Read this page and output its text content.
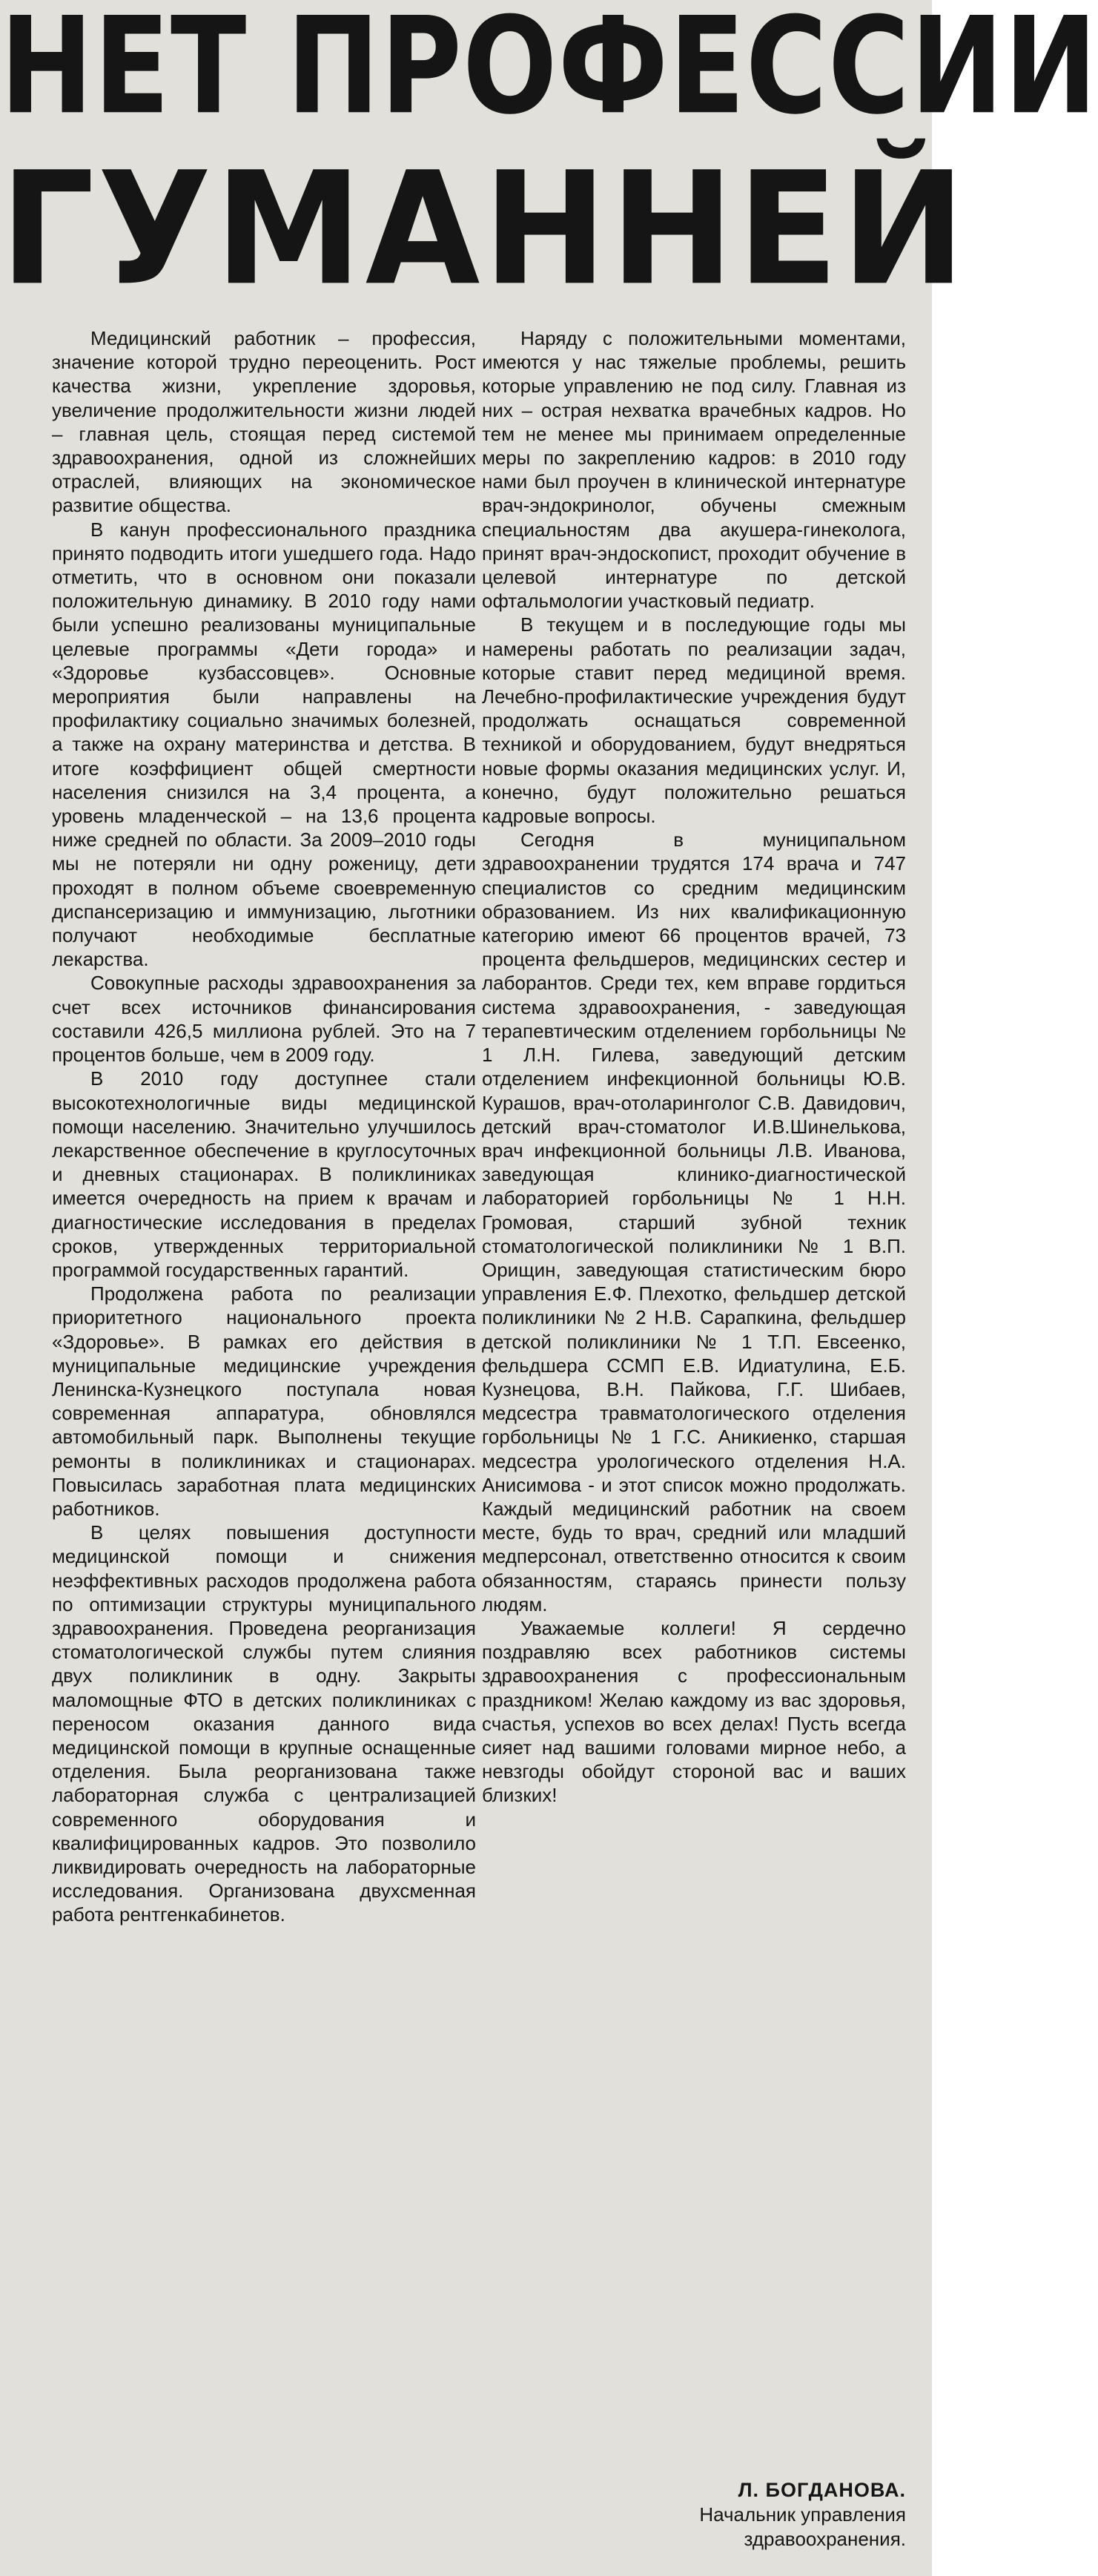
НЕТ ПРОФЕССИИ
ГУМАННЕЙ

Медицинский работник – профессия, значение которой трудно переоценить. Рост качества жизни, укрепление здоровья, увеличение продолжительности жизни людей – главная цель, стоящая перед системой здравоохранения, одной из сложнейших отраслей, влияющих на экономическое развитие общества.

В канун профессионального праздника принято подводить итоги ушедшего года. Надо отметить, что в основном они показали положительную динамику. В 2010 году нами были успешно реализованы муниципальные целевые программы «Дети города» и «Здоровье кузбассовцев». Основные мероприятия были направлены на профилактику социально значимых болезней, а также на охрану материнства и детства. В итоге коэффициент общей смертности населения снизился на 3,4 процента, а уровень младенческой – на 13,6 процента ниже средней по области. За 2009–2010 годы мы не потеряли ни одну роженицу, дети проходят в полном объеме своевременную диспансеризацию и иммунизацию, льготники получают необходимые бесплатные лекарства.

Совокупные расходы здравоохранения за счет всех источников финансирования составили 426,5 миллиона рублей. Это на 7 процентов больше, чем в 2009 году.

В 2010 году доступнее стали высокотехнологичные виды медицинской помощи населению. Значительно улучшилось лекарственное обеспечение в круглосуточных и дневных стационарах. В поликлиниках имеется очередность на прием к врачам и диагностические исследования в пределах сроков, утвержденных территориальной программой государственных гарантий.

Продолжена работа по реализации приоритетного национального проекта «Здоровье». В рамках его действия в муниципальные медицинские учреждения Ленинска-Кузнецкого поступала новая современная аппаратура, обновлялся автомобильный парк. Выполнены текущие ремонты в поликлиниках и стационарах. Повысилась заработная плата медицинских работников.

В целях повышения доступности медицинской помощи и снижения неэффективных расходов продолжена работа по оптимизации структуры муниципального здравоохранения. Проведена реорганизация стоматологической службы путем слияния двух поликлиник в одну. Закрыты маломощные ФТО в детских поликлиниках с переносом оказания данного вида медицинской помощи в крупные оснащенные отделения. Была реорганизована также лабораторная служба с централизацией современного оборудования и квалифицированных кадров. Это позволило ликвидировать очередность на лабораторные исследования. Организована двухсменная работа рентгенкабинетов.

Наряду с положительными моментами, имеются у нас тяжелые проблемы, решить которые управлению не под силу. Главная из них – острая нехватка врачебных кадров. Но тем не менее мы принимаем определенные меры по закреплению кадров: в 2010 году нами был проучен в клинической интернатуре врач-эндокринолог, обучены смежным специальностям два акушера-гинеколога, принят врач-эндоскопист, проходит обучение в целевой интернатуре по детской офтальмологии участковый педиатр.

В текущем и в последующие годы мы намерены работать по реализации задач, которые ставит перед медициной время. Лечебно-профилактические учреждения будут продолжать оснащаться современной техникой и оборудованием, будут внедряться новые формы оказания медицинских услуг. И, конечно, будут положительно решаться кадровые вопросы.

Сегодня в муниципальном здравоохранении трудятся 174 врача и 747 специалистов со средним медицинским образованием. Из них квалификационную категорию имеют 66 процентов врачей, 73 процента фельдшеров, медицинских сестер и лаборантов. Среди тех, кем вправе гордиться система здравоохранения, - заведующая терапевтическим отделением горбольницы № 1 Л.Н. Гилева, заведующий детским отделением инфекционной больницы Ю.В. Курашов, врач-отоларинголог С.В. Давидович, детский врач-стоматолог И.В.Шинелькова, врач инфекционной больницы Л.В. Иванова, заведующая клинико-диагностической лабораторией горбольницы № 1 Н.Н. Громовая, старший зубной техник стоматологической поликлиники № 1 В.П. Орищин, заведующая статистическим бюро управления Е.Ф. Плехотко, фельдшер детской поликлиники № 2 Н.В. Сарапкина, фельдшер детской поликлиники № 1 Т.П. Евсеенко, фельдшера ССМП Е.В. Идиатулина, Е.Б. Кузнецова, В.Н. Пайкова, Г.Г. Шибаев, медсестра травматологического отделения горбольницы № 1 Г.С. Аникиенко, старшая медсестра урологического отделения Н.А. Анисимова - и этот список можно продолжать. Каждый медицинский работник на своем месте, будь то врач, средний или младший медперсонал, ответственно относится к своим обязанностям, стараясь принести пользу людям.

Уважаемые коллеги! Я сердечно поздравляю всех работников системы здравоохранения с профессиональным праздником! Желаю каждому из вас здоровья, счастья, успехов во всех делах! Пусть всегда сияет над вашими головами мирное небо, а невзгоды обойдут стороной вас и ваших близких!

Л. БОГДАНОВА.
Начальник управления
здравоохранения.
